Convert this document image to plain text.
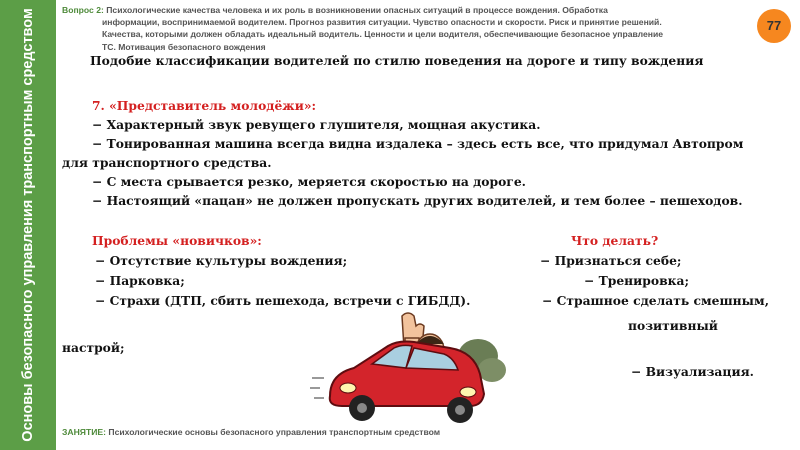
Основы безопасного управления транспортным средством	Вопрос 2: Психологические качества человека и их роль в возникновении опасных ситуаций в процессе вождения. Обработка
информации, воспринимаемой водителем. Прогноз развития ситуации. Чувство опасности и скорости. Риск и принятие решений.
Качества, которыми должен обладать идеальный водитель. Ценности и цели водителя, обеспечивающие безопасное управление
ТС. Мотивация безопасного вождения
77
Подобие классификации водителей по стилю поведения на дороге и типу вождения
7. «Представитель молодёжи»:
− Характерный звук ревущего глушителя, мощная акустика.
− Тонированная машина всегда видна издалека – здесь есть все, что придумал Автопром
для транспортного средства.
− С места срывается резко, меряется скоростью на дороге.
− Настоящий «пацан» не должен пропускать других водителей, и тем более – пешеходов.
Проблемы «новичков»:
− Отсутствие культуры вождения;
− Парковка;
− Страхи (ДТП, сбить пешехода, встречи с ГИБДД).
Что делать?
− Признаться себе;
− Тренировка;
− Страшное сделать смешным,
позитивный
настрой;
− Визуализация.
ЗАНЯТИЕ: Психологические основы безопасного управления транспортным средством
